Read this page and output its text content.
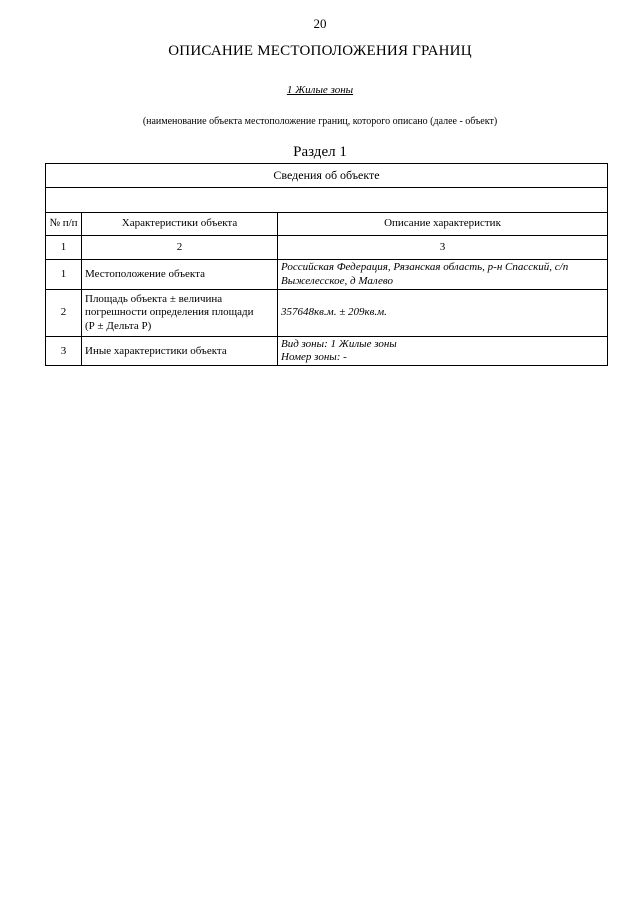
20
ОПИСАНИЕ МЕСТОПОЛОЖЕНИЯ ГРАНИЦ
1 Жилые зоны
(наименование объекта местоположение границ, которого описано (далее - объект)
Раздел 1
Сведения об объекте		

№ п/п	Характеристики объекта	Описание характеристик
1	2	3
1	Местоположение объекта	Российская Федерация, Рязанская область, р-н Спасский, с/п
Выжелесское, д Малево

2	Площадь объекта ± величина
погрешности определения площади
(Р ± Дельта Р)	357648кв.м. ± 209кв.м.

3	Иные характеристики объекта	Вид зоны: 1 Жилые зоны
Номер зоны: -
